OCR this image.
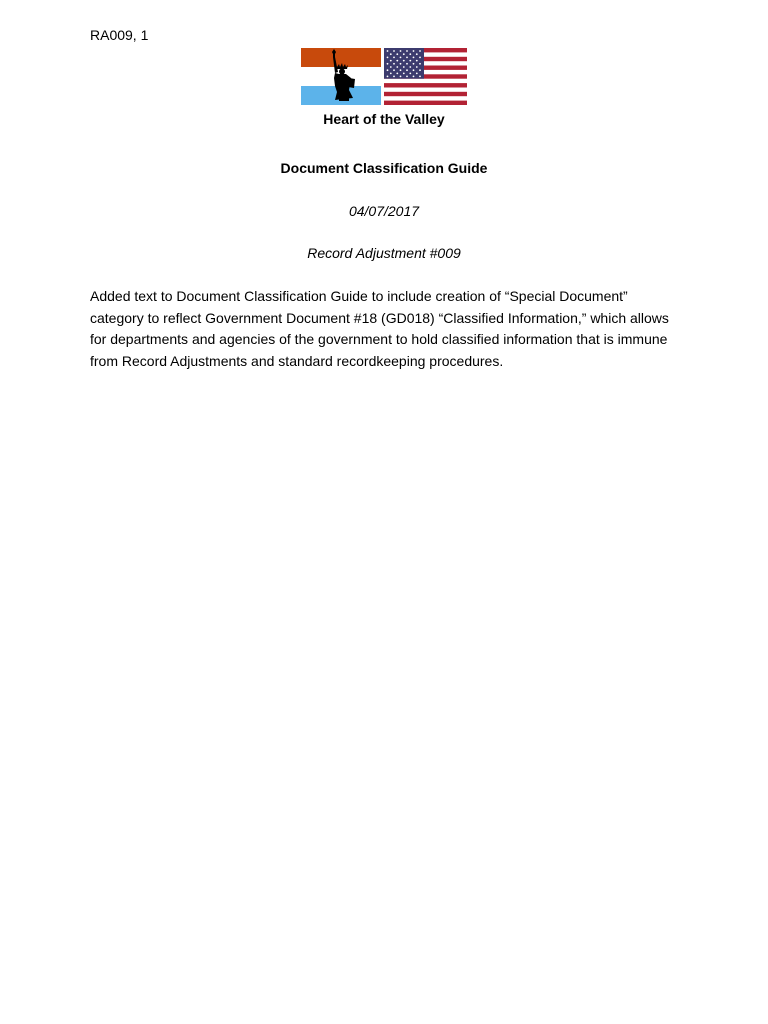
RA009, 1
Heart of the Valley
Document Classification Guide
04/07/2017
Record Adjustment #009

Added text to Document Classification Guide to include creation of “Special Document” category to reflect Government Document #18 (GD018) “Classified Information,” which allows for departments and agencies of the government to hold classified information that is immune from Record Adjustments and standard recordkeeping procedures.
